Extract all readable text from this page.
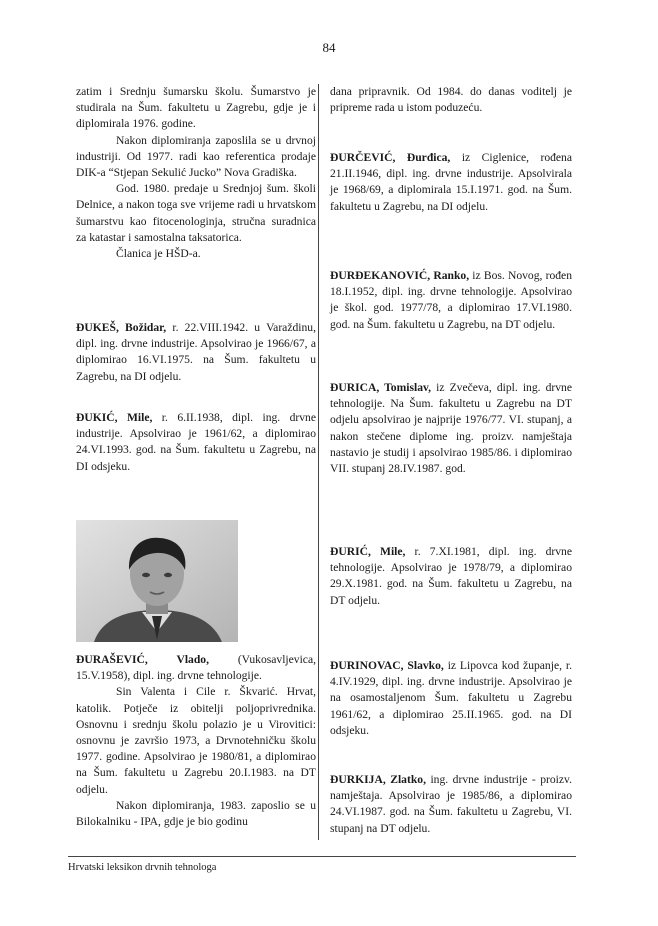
84

zatim i Srednju šumarsku školu. Šumarstvo je studirala na Šum. fakultetu u Zagrebu, gdje je i diplomirala 1976. godine.

Nakon diplomiranja zaposlila se u drvnoj industriji. Od 1977. radi kao referentica prodaje DIK-a “Stjepan Sekulić Jucko” Nova Gradiška.

God. 1980. predaje u Srednjoj šum. školi Delnice, a nakon toga sve vrijeme radi u hrvatskom šumarstvu kao fitocenologinja, stručna suradnica za katastar i samostalna taksatorica.

Članica je HŠD-a.

ĐUKEŠ, Božidar, r. 22.VIII.1942. u Varaždinu, dipl. ing. drvne industrije. Apsolvirao je 1966/67, a diplomirao 16.VI.1975. na Šum. fakultetu u Zagrebu, na DI odjelu.

ĐUKIĆ, Mile, r. 6.II.1938, dipl. ing. drvne industrije. Apsolvirao je 1961/62, a diplomirao 24.VI.1993. god. na Šum. fakultetu u Zagrebu, na DI odsjeku.

ĐURAŠEVIĆ, Vlado, (Vukosavljevica, 15.V.1958), dipl. ing. drvne tehnologije.

Sin Valenta i Cile r. Škvarić. Hrvat, katolik. Potječe iz obitelji poljoprivrednika. Osnovnu i srednju školu polazio je u Virovitici: osnovnu je završio 1973, a Drvnotehničku školu 1977. godine. Apsolvirao je 1980/81, a diplomirao na Šum. fakultetu u Zagrebu 20.I.1983. na DT odjelu.

Nakon diplomiranja, 1983. zaposlio se u Bilokalniku - IPA, gdje je bio godinu

dana pripravnik. Od 1984. do danas voditelj je pripreme rada u istom poduzeću.

ĐURČEVIĆ, Đurđica, iz Ciglenice, rođena 21.II.1946, dipl. ing. drvne industrije. Apsolvirala je 1968/69, a diplomirala 15.I.1971. god. na Šum. fakultetu u Zagrebu, na DI odjelu.

ĐURĐEKANOVIĆ, Ranko, iz Bos. Novog, rođen 18.I.1952, dipl. ing. drvne tehnologije. Apsolvirao je škol. god. 1977/78, a diplomirao 17.VI.1980. god. na Šum. fakultetu u Zagrebu, na DT odjelu.

ĐURICA, Tomislav, iz Zvečeva, dipl. ing. drvne tehnologije. Na Šum. fakultetu u Zagrebu na DT odjelu apsolvirao je najprije 1976/77. VI. stupanj, a nakon stečene diplome ing. proizv. namještaja nastavio je studij i apsolvirao 1985/86. i diplomirao VII. stupanj 28.IV.1987. god.

ĐURIĆ, Mile, r. 7.XI.1981, dipl. ing. drvne tehnologije. Apsolvirao je 1978/79, a diplomirao 29.X.1981. god. na Šum. fakultetu u Zagrebu, na DT odjelu.

ĐURINOVAC, Slavko, iz Lipovca kod županje, r. 4.IV.1929, dipl. ing. drvne industrije. Apsolvirao je na osamostaljenom Šum. fakultetu u Zagrebu 1961/62, a diplomirao 25.II.1965. god. na DI odsjeku.

ĐURKIJA, Zlatko, ing. drvne industrije - proizv. namještaja. Apsolvirao je 1985/86, a diplomirao 24.VI.1987. god. na Šum. fakultetu u Zagrebu, VI. stupanj na DT odjelu.

Hrvatski leksikon drvnih tehnologa
